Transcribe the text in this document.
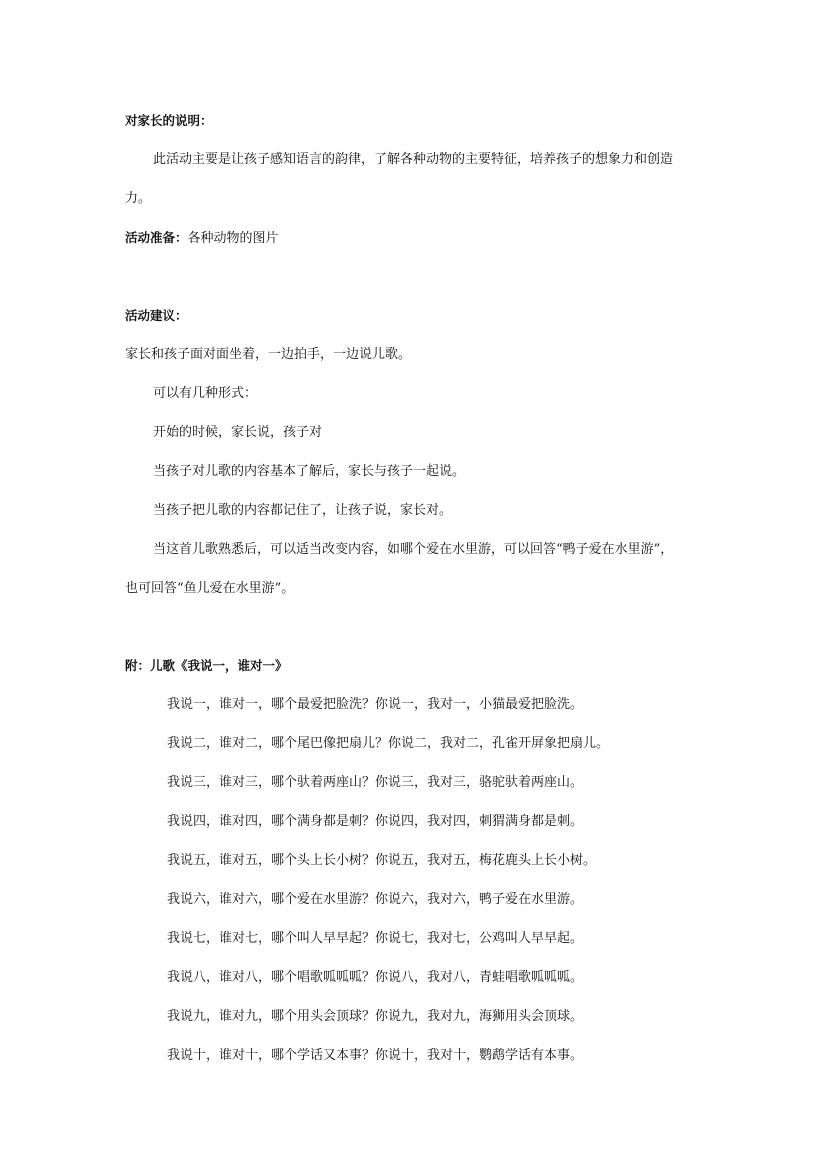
对家长的说明：
此活动主要是让孩子感知语言的韵律，了解各种动物的主要特征，培养孩子的想象力和创造
力。
活动准备：各种动物的图片
活动建议：
家长和孩子面对面坐着，一边拍手，一边说儿歌。
可以有几种形式：
开始的时候，家长说，孩子对
当孩子对儿歌的内容基本了解后，家长与孩子一起说。
当孩子把儿歌的内容都记住了，让孩子说，家长对。
当这首儿歌熟悉后，可以适当改变内容，如哪个爱在水里游，可以回答“鸭子爱在水里游”，
也可回答“鱼儿爱在水里游”。
附：儿歌《我说一，谁对一》
我说一，谁对一，哪个最爱把脸洗？你说一，我对一，小猫最爱把脸洗。
我说二，谁对二，哪个尾巴像把扇儿？你说二，我对二，孔雀开屏象把扇儿。
我说三，谁对三，哪个驮着两座山？你说三，我对三，骆驼驮着两座山。
我说四，谁对四，哪个满身都是刺？你说四，我对四，刺猬满身都是刺。
我说五，谁对五，哪个头上长小树？你说五，我对五，梅花鹿头上长小树。
我说六，谁对六，哪个爱在水里游？你说六，我对六，鸭子爱在水里游。
我说七，谁对七，哪个叫人早早起？你说七，我对七，公鸡叫人早早起。
我说八，谁对八，哪个唱歌呱呱呱？你说八，我对八，青蛙唱歌呱呱呱。
我说九，谁对九，哪个用头会顶球？你说九，我对九，海狮用头会顶球。
我说十，谁对十，哪个学话又本事？你说十，我对十，鹦鹉学话有本事。
